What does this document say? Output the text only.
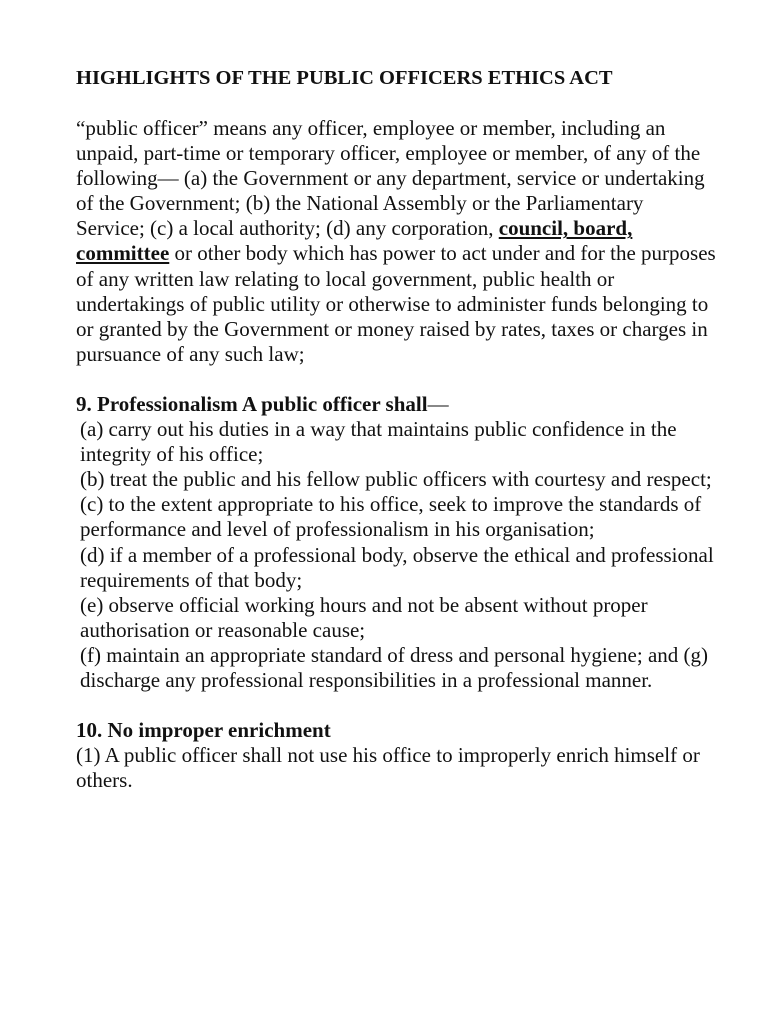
HIGHLIGHTS OF THE PUBLIC OFFICERS ETHICS ACT

“public officer” means any officer, employee or member, including an unpaid, part-time or temporary officer, employee or member, of any of the following— (a) the Government or any department, service or undertaking of the Government; (b) the National Assembly or the Parliamentary Service; (c) a local authority; (d) any corporation, council, board, committee or other body which has power to act under and for the purposes of any written law relating to local government, public health or undertakings of public utility or otherwise to administer funds belonging to or granted by the Government or money raised by rates, taxes or charges in pursuance of any such law;

9. Professionalism A public officer shall—

(a) carry out his duties in a way that maintains public confidence in the integrity of his office;

(b) treat the public and his fellow public officers with courtesy and respect;

(c) to the extent appropriate to his office, seek to improve the standards of performance and level of professionalism in his organisation;

(d) if a member of a professional body, observe the ethical and professional requirements of that body;

(e) observe official working hours and not be absent without proper authorisation or reasonable cause;

(f) maintain an appropriate standard of dress and personal hygiene; and (g) discharge any professional responsibilities in a professional manner.

10. No improper enrichment

(1) A public officer shall not use his office to improperly enrich himself or others.
